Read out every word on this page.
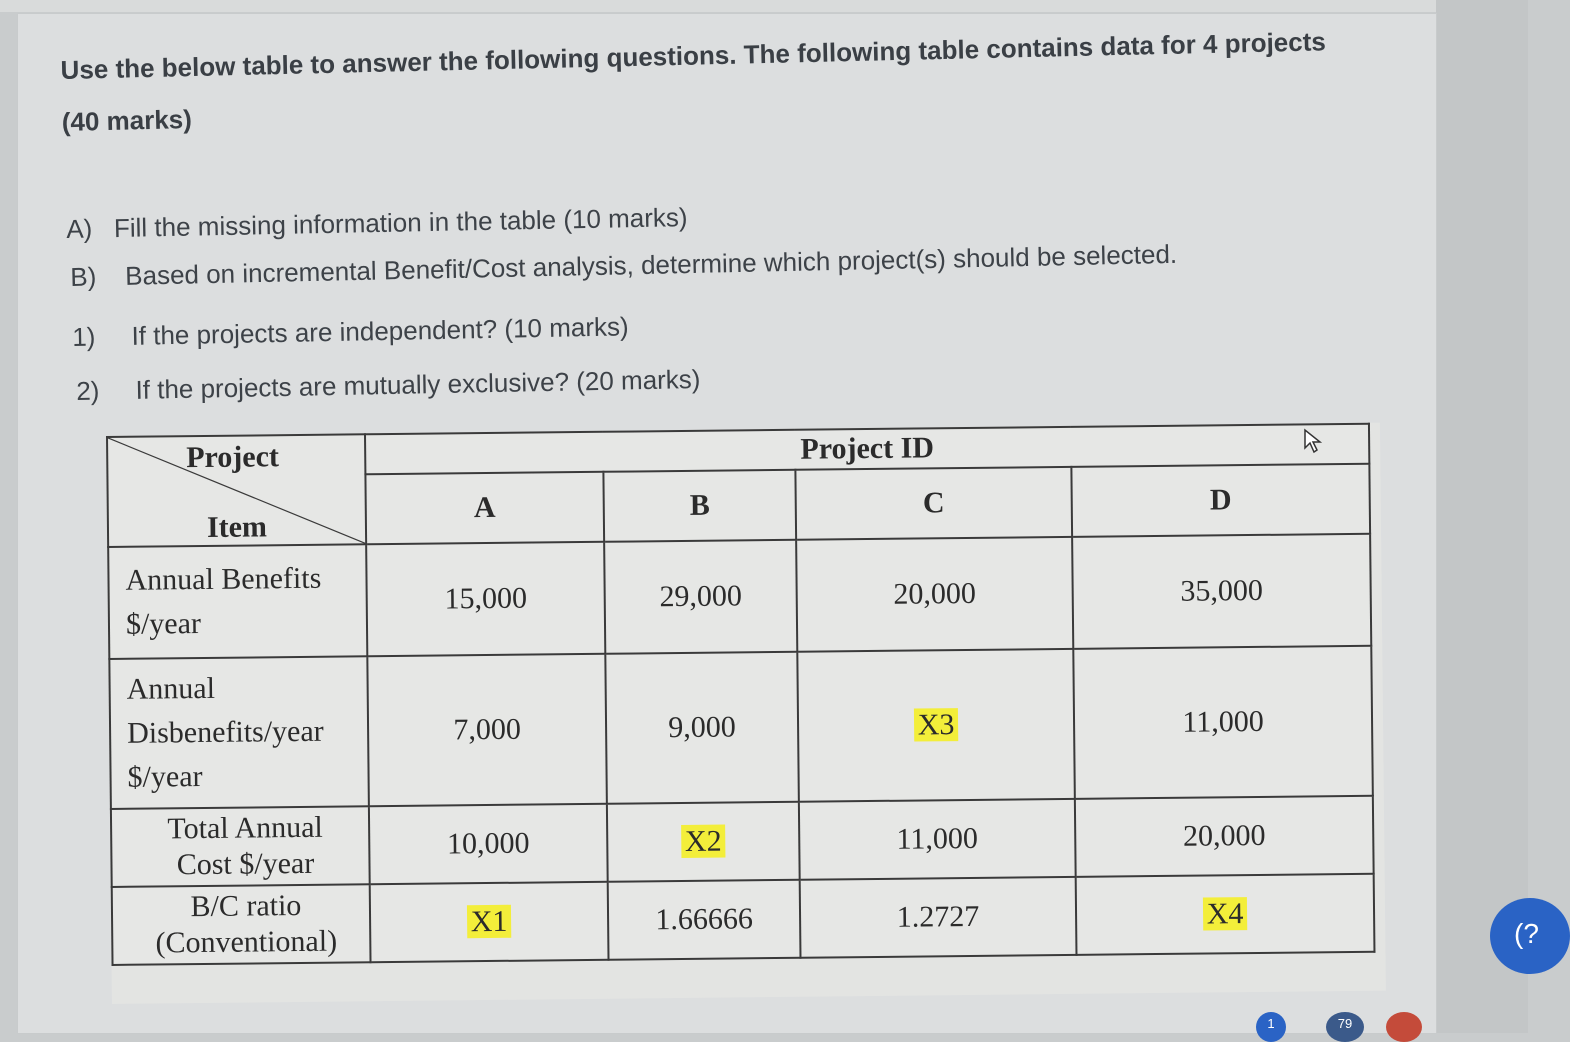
Use the below table to answer the following questions. The following table contains data for 4 projects
(40 marks)
A) Fill the missing information in the table (10 marks)
B) Based on incremental Benefit/Cost analysis, determine which project(s) should be selected.
1) If the projects are independent? (10 marks)
2) If the projects are mutually exclusive? (20 marks)
Project
Item	Project ID			
	A	B	C	D

Annual Benefits
$/year	15,000	29,000	20,000	35,000

Annual
Disbenefits/year
$/year	7,000	9,000	X3	11,000

Total Annual
Cost $/year	10,000	X2	11,000	20,000

B/C ratio
(Conventional)	X1	1.66666	1.2727	X4
(?
1	79
